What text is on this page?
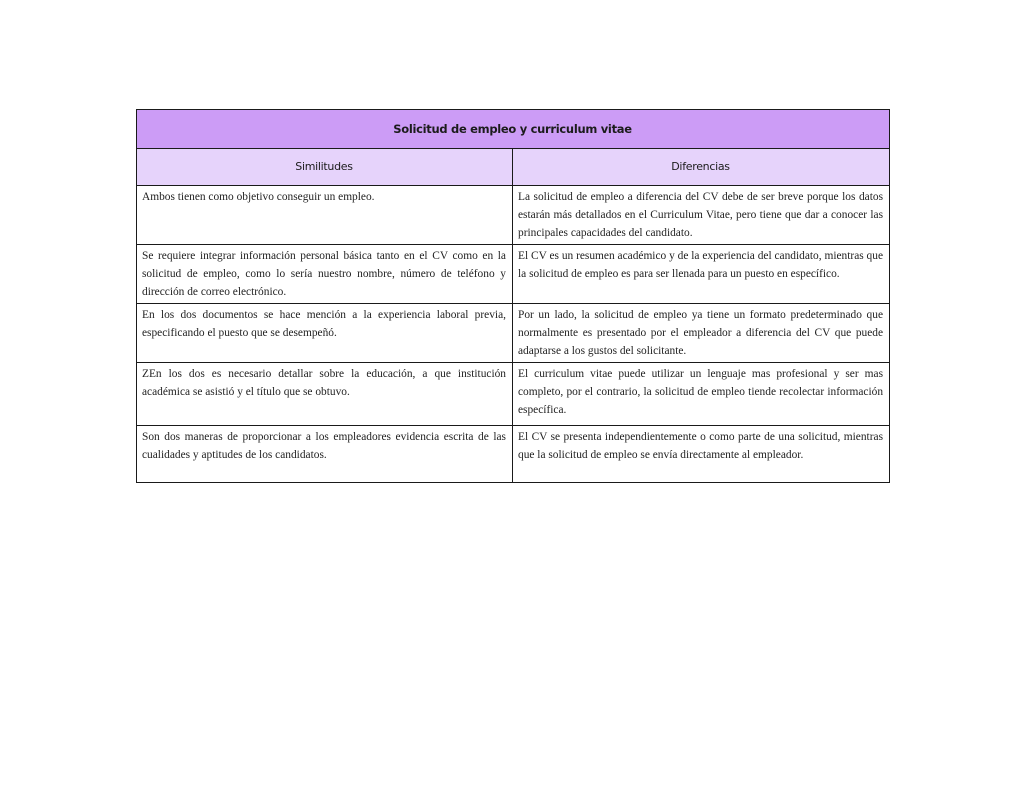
Solicitud de empleo y curriculum vitae	
Similitudes	Diferencias
Ambos tienen como objetivo conseguir un empleo.	La solicitud de empleo a diferencia del CV debe de ser breve porque los datos estarán más detallados en el Curriculum Vitae, pero tiene que dar a conocer las principales capacidades del candidato.
Se requiere integrar información personal básica tanto en el CV como en la solicitud de empleo, como lo sería nuestro nombre, número de teléfono y dirección de correo electrónico.	El CV es un resumen académico y de la experiencia del candidato, mientras que la solicitud de empleo es para ser llenada para un puesto en específico.
En los dos documentos se hace mención a la experiencia laboral previa, especificando el puesto que se desempeñó.	Por un lado, la solicitud de empleo ya tiene un formato predeterminado que normalmente es presentado por el empleador a diferencia del CV que puede adaptarse a los gustos del solicitante.
ZEn los dos es necesario detallar sobre la educación, a que institución académica se asistió y el título que se obtuvo.	El curriculum vitae puede utilizar un lenguaje mas profesional y ser mas completo, por el contrario, la solicitud de empleo tiende recolectar información específica.
Son dos maneras de proporcionar a los empleadores evidencia escrita de las cualidades y aptitudes de los candidatos.	El CV se presenta independientemente o como parte de una solicitud, mientras que la solicitud de empleo se envía directamente al empleador.
